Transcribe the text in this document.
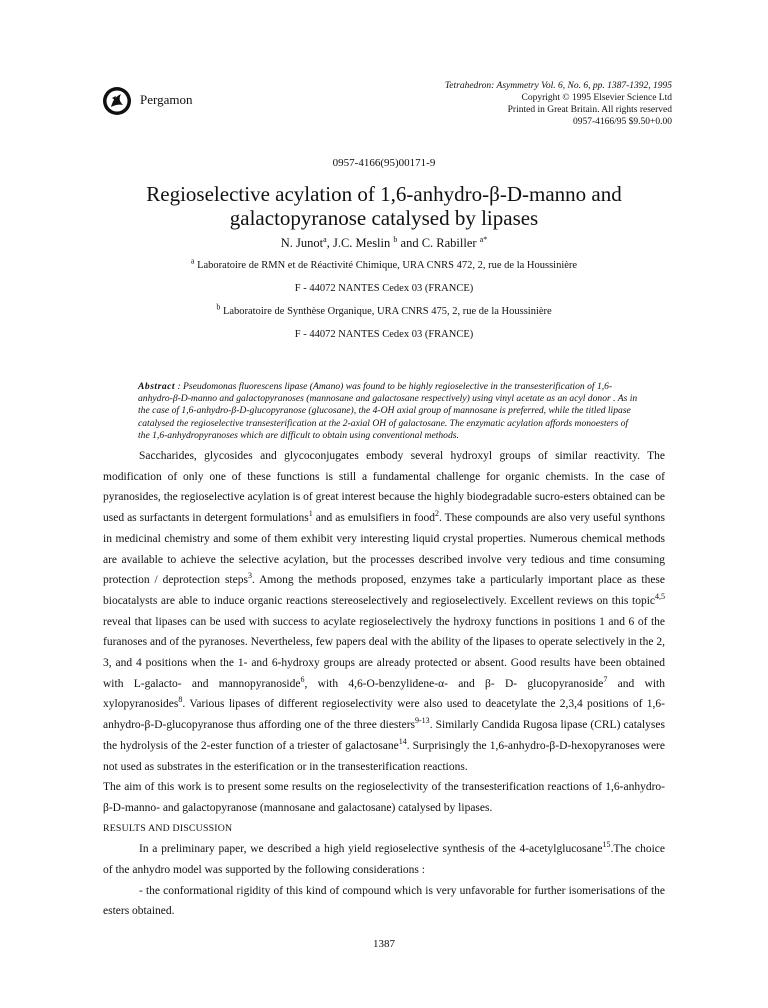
Pergamon
Tetrahedron: Asymmetry Vol. 6, No. 6, pp. 1387-1392, 1995
Copyright © 1995 Elsevier Science Ltd
Printed in Great Britain. All rights reserved
0957-4166/95 $9.50+0.00
0957-4166(95)00171-9
Regioselective acylation of 1,6-anhydro-β-D-manno and galactopyranose catalysed by lipases
N. Junot$^a$, J.C. Meslin $^b$ and C. Rabiller $^{a*}$
$^a$ Laboratoire de RMN et de Réactivité Chimique, URA CNRS 472, 2, rue de la Houssinière
F - 44072 NANTES Cedex 03 (FRANCE)
$^b$ Laboratoire de Synthèse Organique, URA CNRS 475, 2, rue de la Houssinière
F - 44072 NANTES Cedex 03 (FRANCE)
Abstract : Pseudomonas fluorescens lipase (Amano) was found to be highly regioselective in the transesterification of 1,6-anhydro-β-D-manno and galactopyranoses (mannosane and galactosane respectively) using vinyl acetate as an acyl donor . As in the case of 1,6-anhydro-β-D-glucopyranose (glucosane), the 4-OH axial group of mannosane is preferred, while the titled lipase catalysed the regioselective transesterification at the 2-axial OH of galactosane. The enzymatic acylation affords monoesters of the 1,6-anhydropyranoses which are difficult to obtain using conventional methods.

Saccharides, glycosides and glycoconjugates embody several hydroxyl groups of similar reactivity. The modification of only one of these functions is still a fundamental challenge for organic chemists. In the case of pyranosides, the regioselective acylation is of great interest because the highly biodegradable sucro-esters obtained can be used as surfactants in detergent formulations$^1$ and as emulsifiers in food$^2$. These compounds are also very useful synthons in medicinal chemistry and some of them exhibit very interesting liquid crystal properties. Numerous chemical methods are available to achieve the selective acylation, but the processes described involve very tedious and time consuming protection / deprotection steps$^3$. Among the methods proposed, enzymes take a particularly important place as these biocatalysts are able to induce organic reactions stereoselectively and regioselectively. Excellent reviews on this topic$^{4,5}$ reveal that lipases can be used with success to acylate regioselectively the hydroxy functions in positions 1 and 6 of the furanoses and of the pyranoses. Nevertheless, few papers deal with the ability of the lipases to operate selectively in the 2, 3, and 4 positions when the 1- and 6-hydroxy groups are already protected or absent. Good results have been obtained with L-galacto- and mannopyranoside$^6$, with 4,6-O-benzylidene-α- and β- D- glucopyranoside$^7$ and with xylopyranosides$^8$. Various lipases of different regioselectivity were also used to deacetylate the 2,3,4 positions of 1,6-anhydro-β-D-glucopyranose thus affording one of the three diesters$^{9-13}$. Similarly Candida Rugosa lipase (CRL) catalyses the hydrolysis of the 2-ester function of a triester of galactosane$^{14}$. Surprisingly the 1,6-anhydro-β-D-hexopyranoses were not used as substrates in the esterification or in the transesterification reactions.

The aim of this work is to present some results on the regioselectivity of the transesterification reactions of 1,6-anhydro-β-D-manno- and galactopyranose (mannosane and galactosane) catalysed by lipases.

RESULTS AND DISCUSSION

In a preliminary paper, we described a high yield regioselective synthesis of the 4-acetylglucosane$^{15}$.The choice of the anhydro model was supported by the following considerations :

- the conformational rigidity of this kind of compound which is very unfavorable for further isomerisations of the esters obtained.

1387
